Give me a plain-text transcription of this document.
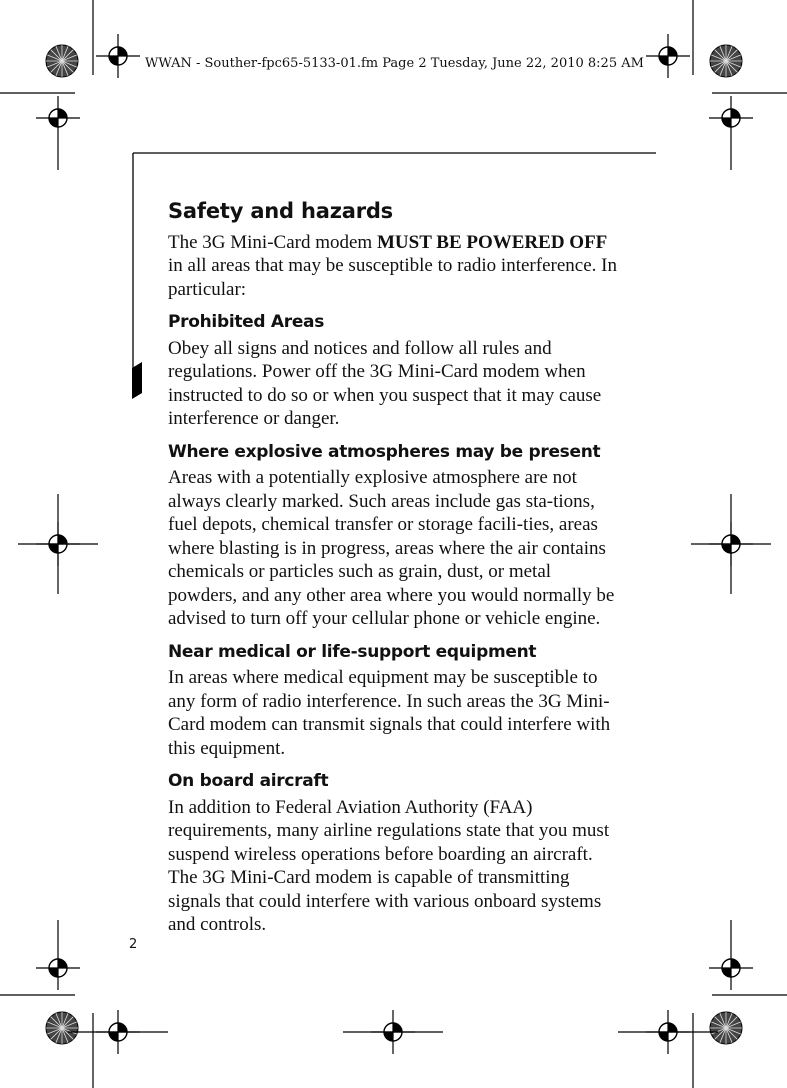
WWAN - Souther-fpc65-5133-01.fm Page 2 Tuesday, June 22, 2010 8:25 AM
Safety and hazards

The 3G Mini-Card modem MUST BE POWERED OFF in all areas that may be susceptible to radio interference. In particular:

Prohibited Areas

Obey all signs and notices and follow all rules and regulations. Power off the 3G Mini-Card modem when instructed to do so or when you suspect that it may cause interference or danger.

Where explosive atmospheres may be present

Areas with a potentially explosive atmosphere are not always clearly marked. Such areas include gas sta-tions, fuel depots, chemical transfer or storage facili-ties, areas where blasting is in progress, areas where the air contains chemicals or particles such as grain, dust, or metal powders, and any other area where you would normally be advised to turn off your cellular phone or vehicle engine.

Near medical or life-support equipment

In areas where medical equipment may be susceptible to any form of radio interference. In such areas the 3G Mini-Card modem can transmit signals that could interfere with this equipment.

On board aircraft

In addition to Federal Aviation Authority (FAA) requirements, many airline regulations state that you must suspend wireless operations before boarding an aircraft. The 3G Mini-Card modem is capable of transmitting signals that could interfere with various onboard systems and controls.

2
